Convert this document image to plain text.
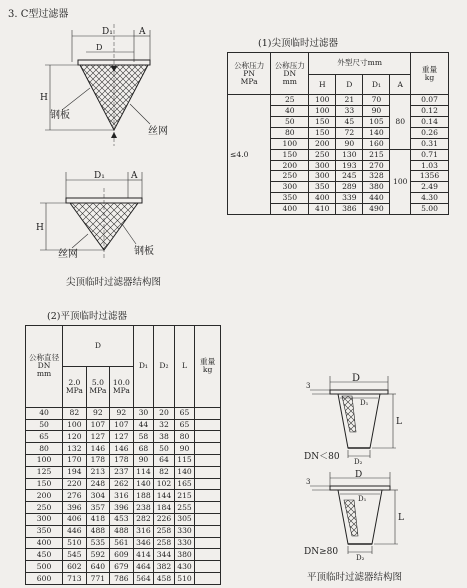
3. C型过滤器
D₁	A
D
H
钢板
丝网
D₁	A
H
丝网	钢板
尖顶临时过滤器结构图
(1)尖顶临时过滤器
公称压力
PN
MPa	公称压力
DN
mm	外型尺寸mm				重量
kg
		H	D	D₁	A	
≤4.0	25	100	21	70	80	0.07
	40	100	33	90		0.12
	50	150	45	105		0.14
	80	150	72	140		0.26
	100	200	90	160		0.31
	150	250	130	215	100	0.71
	200	300	193	270		1.03
	250	300	245	328		1356
	300	350	289	380		2.49
	350	400	339	440		4.30
	400	410	386	490		5.00
(2)平顶临时过滤器
公称直径
DN
mm	D			D₁	D₂	L	重量
kg
	2.0
MPa	5.0
MPa	10.0
MPa				
40	82	92	92	30	20	65	
50	100	107	107	44	32	65	
65	120	127	127	58	38	80	
80	132	146	146	68	50	90	
100	170	178	178	90	64	115	
125	194	213	237	114	82	140	
150	220	248	262	140	102	165	
200	276	304	316	188	144	215	
250	396	357	396	238	184	255	
300	406	418	453	282	226	305	
350	446	488	488	316	258	330	
400	510	535	561	346	258	330	
450	545	592	609	414	344	380	
500	602	640	679	464	382	430	
600	713	771	786	564	458	510	
3
D
D₁
L
D₂
DN＜80
3
D
D₁
L
D₂
DN≥80
平顶临时过滤器结构图
